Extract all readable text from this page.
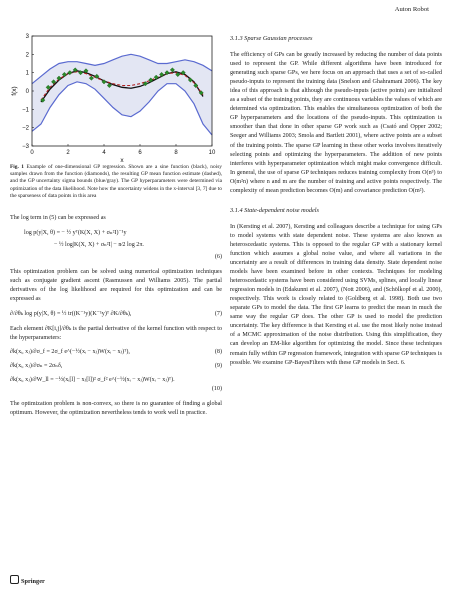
Auton Robot
0	2	4	6	8	10
3
2
1
0
−1
−2
−3
x
f(x)

Fig. 1 Example of one-dimensional GP regression. Shown are a sine function (black), noisy samples drawn from the function (diamonds), the resulting GP mean function estimate (dashed), and the GP uncertainty sigma bounds (blue/gray). The GP hyperparameters were determined via optimization of the data likelihood. Note how the uncertainty widens in the x-interval [3, 7] due to the sparseness of data points in this area

The log term in (5) can be expressed as

log p(y|X, θ) = − ½ yᵀ(K(X, X) + σₙ²I)⁻¹y
− ½ log|K(X, X) + σₙ²I| − n⁄2 log 2π.
(6)

This optimization problem can be solved using numerical optimization techniques such as conjugate gradient ascent (Rasmussen and Williams 2005). The partial derivatives of the log likelihood are required for this optimization and can be expressed as

∂/∂θₖ log p(y|X, θ) = ½ tr((K⁻¹y)(K⁻¹y)ᵀ ∂K/∂θₖ),	(7)

Each element ∂K[i,j]/∂θₖ is the partial derivative of the kernel function with respect to the hyperparameters:

∂k(xᵢ, xⱼ)/∂σ_f = 2σ_f e^(−½(xᵢ − xⱼ)W(xᵢ − xⱼ)ᵀ),	(8)
∂k(xᵢ, xⱼ)/∂σₙ = 2σₙδ,	(9)
∂k(xᵢ, xⱼ)/∂W_ll = −½(xᵢ[l] − xⱼ[l])² σ_f² e^(−½(xᵢ − xⱼ)W(xᵢ − xⱼ)ᵀ).
(10)

The optimization problem is non-convex, so there is no guarantee of finding a global optimum. However, the optimization nevertheless tends to work well in practice.

3.1.3 Sparse Gaussian processes

The efficiency of GPs can be greatly increased by reducing the number of data points used to represent the GP. While different algorithms have been introduced for generating such sparse GPs, we here focus on an approach that uses a set of so-called pseudo-inputs to represent the training data (Snelson and Ghahramani 2006). The key idea of this approach is that although the pseudo-inputs (active points) are initialized as a subset of the training points, they are continuous variables the values of which are determined via optimization. This enables the simultaneous optimization of both the GP hyperparameters and the locations of the pseudo-inputs. This optimization is smoother than that done in other sparse GP work such as (Csató and Opper 2002; Seeger and Williams 2003; Smola and Bartlett 2001), where active points are a subset of the training points. The sparse GP learning in these other works involves iteratively selecting points and optimizing the hyperparameters. The addition of new points interferes with hyperparameter optimization which might make convergence difficult. In general, the use of sparse GP techniques reduces training complexity from O(n³) to O(m²n) where n and m are the number of training and active points respectively. The complexity of mean prediction becomes O(m) and covariance prediction O(m²).

3.1.4 State-dependent noise models

In (Kersting et al. 2007), Kersting and colleagues describe a technique for using GPs to model systems with state dependent noise. These systems are also known as heteroscedastic systems. This is opposed to the regular GP with a stationary kernel function which assumes a global noise value, and where all variations in the uncertainty are a result of differences in training data density. State dependent noise models have been examined before in other contexts. Techniques for modeling heteroscedastic systems have been considered using SVMs, splines, and locally linear regression models in (Edakunni et al. 2007), (Nott 2006), and (Schölkopf et al. 2000), respectively. This work is closely related to (Goldberg et al. 1998). Both use two separate GPs to model the data. The first GP learns to predict the mean in much the same way the regular GP does. The other GP is used to model the prediction uncertainty. The key difference is that Kersting et al. use the most likely noise instead of a MCMC approximation of the noise distribution. Using this simplification, they can develop an EM-like algorithm for optimizing the model. Since these techniques remain fully within GP regression framework, integration with sparse GP techniques is possible. We examine GP-BayesFilters with these GP models in Sect. 6.

Springer
